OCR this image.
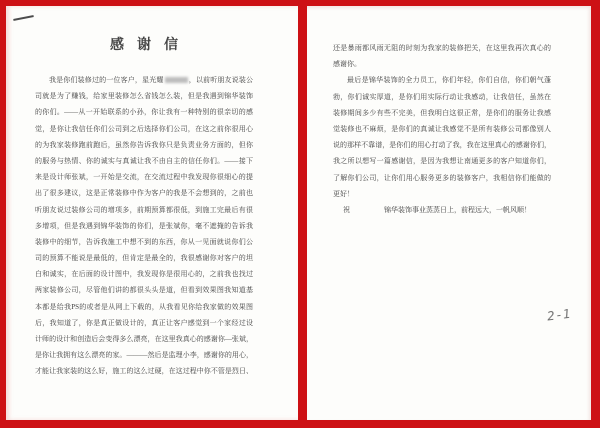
感谢信
我是你们装修过的一位客户，星光耀	，以前听朋友说装公
司就是为了赚钱，给家里装修怎么省钱怎么装，但是我遇到锦华装饰
的你们。——从一开始联系的小孙，你让我有一种特别的很亲切的感
觉，是你让我信任你们公司到之后选择你们公司，在这之前你很用心
的为我家装修跑前跑后，虽然你告诉我你只是负责业务方面的，但你
的服务与热情、你的诚实与真诚让我不由自主的信任你们。——接下
来是设计师张斌，一开始是交流，在交流过程中我发现你很细心的提
出了很多建议，这是正常装修中作为客户的我是不会想到的，之前也
听朋友说过装修公司的增项多，前期预算都很低，到施工完最后有很
多增项，但是我遇到锦华装饰的你们，是张斌你，毫不遮掩的告诉我
装修中的细节，告诉我施工中想不到的东西，你从一见面就说你们公
司的预算不能说是最低的，但肯定是最全的，我很感谢你对客户的坦
白和诚实，在后面的设计图中，我发现你是很用心的，之前我也找过
两家装修公司，尽管他们讲的都很头头是道，但看到效果图我知道基
本都是给我PS的或者是从网上下载的，从我看见你给我家做的效果图
后，我知道了，你是真正做设计的，真正让客户感觉到一个家经过设
计师的设计和创造后会变得多么漂亮，在这里我真心的感谢你—张斌，
是你让我拥有这么漂亮的家。———然后是监理小李，感谢你的用心，
才能让我家装的这么好，施工的这么过硬，在这过程中你不管是烈日、
还是暴雨都风雨无阻的时刻为我家的装修把关，在这里我再次真心的
感谢你。
最后是锦华装饰的全力员工，你们年轻，你们自信，你们朝气蓬
勃，你们诚实厚道，是你们用实际行动让我感动，让我信任，虽然在
装修期间多少有些不完美，但我明白这很正常，是你们的服务让我感
觉装修也不麻烦，是你们的真诚让我感觉不是所有装修公司都像别人
说的那样不靠谱，是你们的用心打动了我，我在这里真心的感谢你们，
我之所以想写一篇感谢信，是因为我想让南通更多的客户知道你们，
了解你们公司，让你们用心服务更多的装修客户，我相信你们能做的
更好！
祝	锦华装饰事业蒸蒸日上，前程远大，一帆风顺！
2-1
